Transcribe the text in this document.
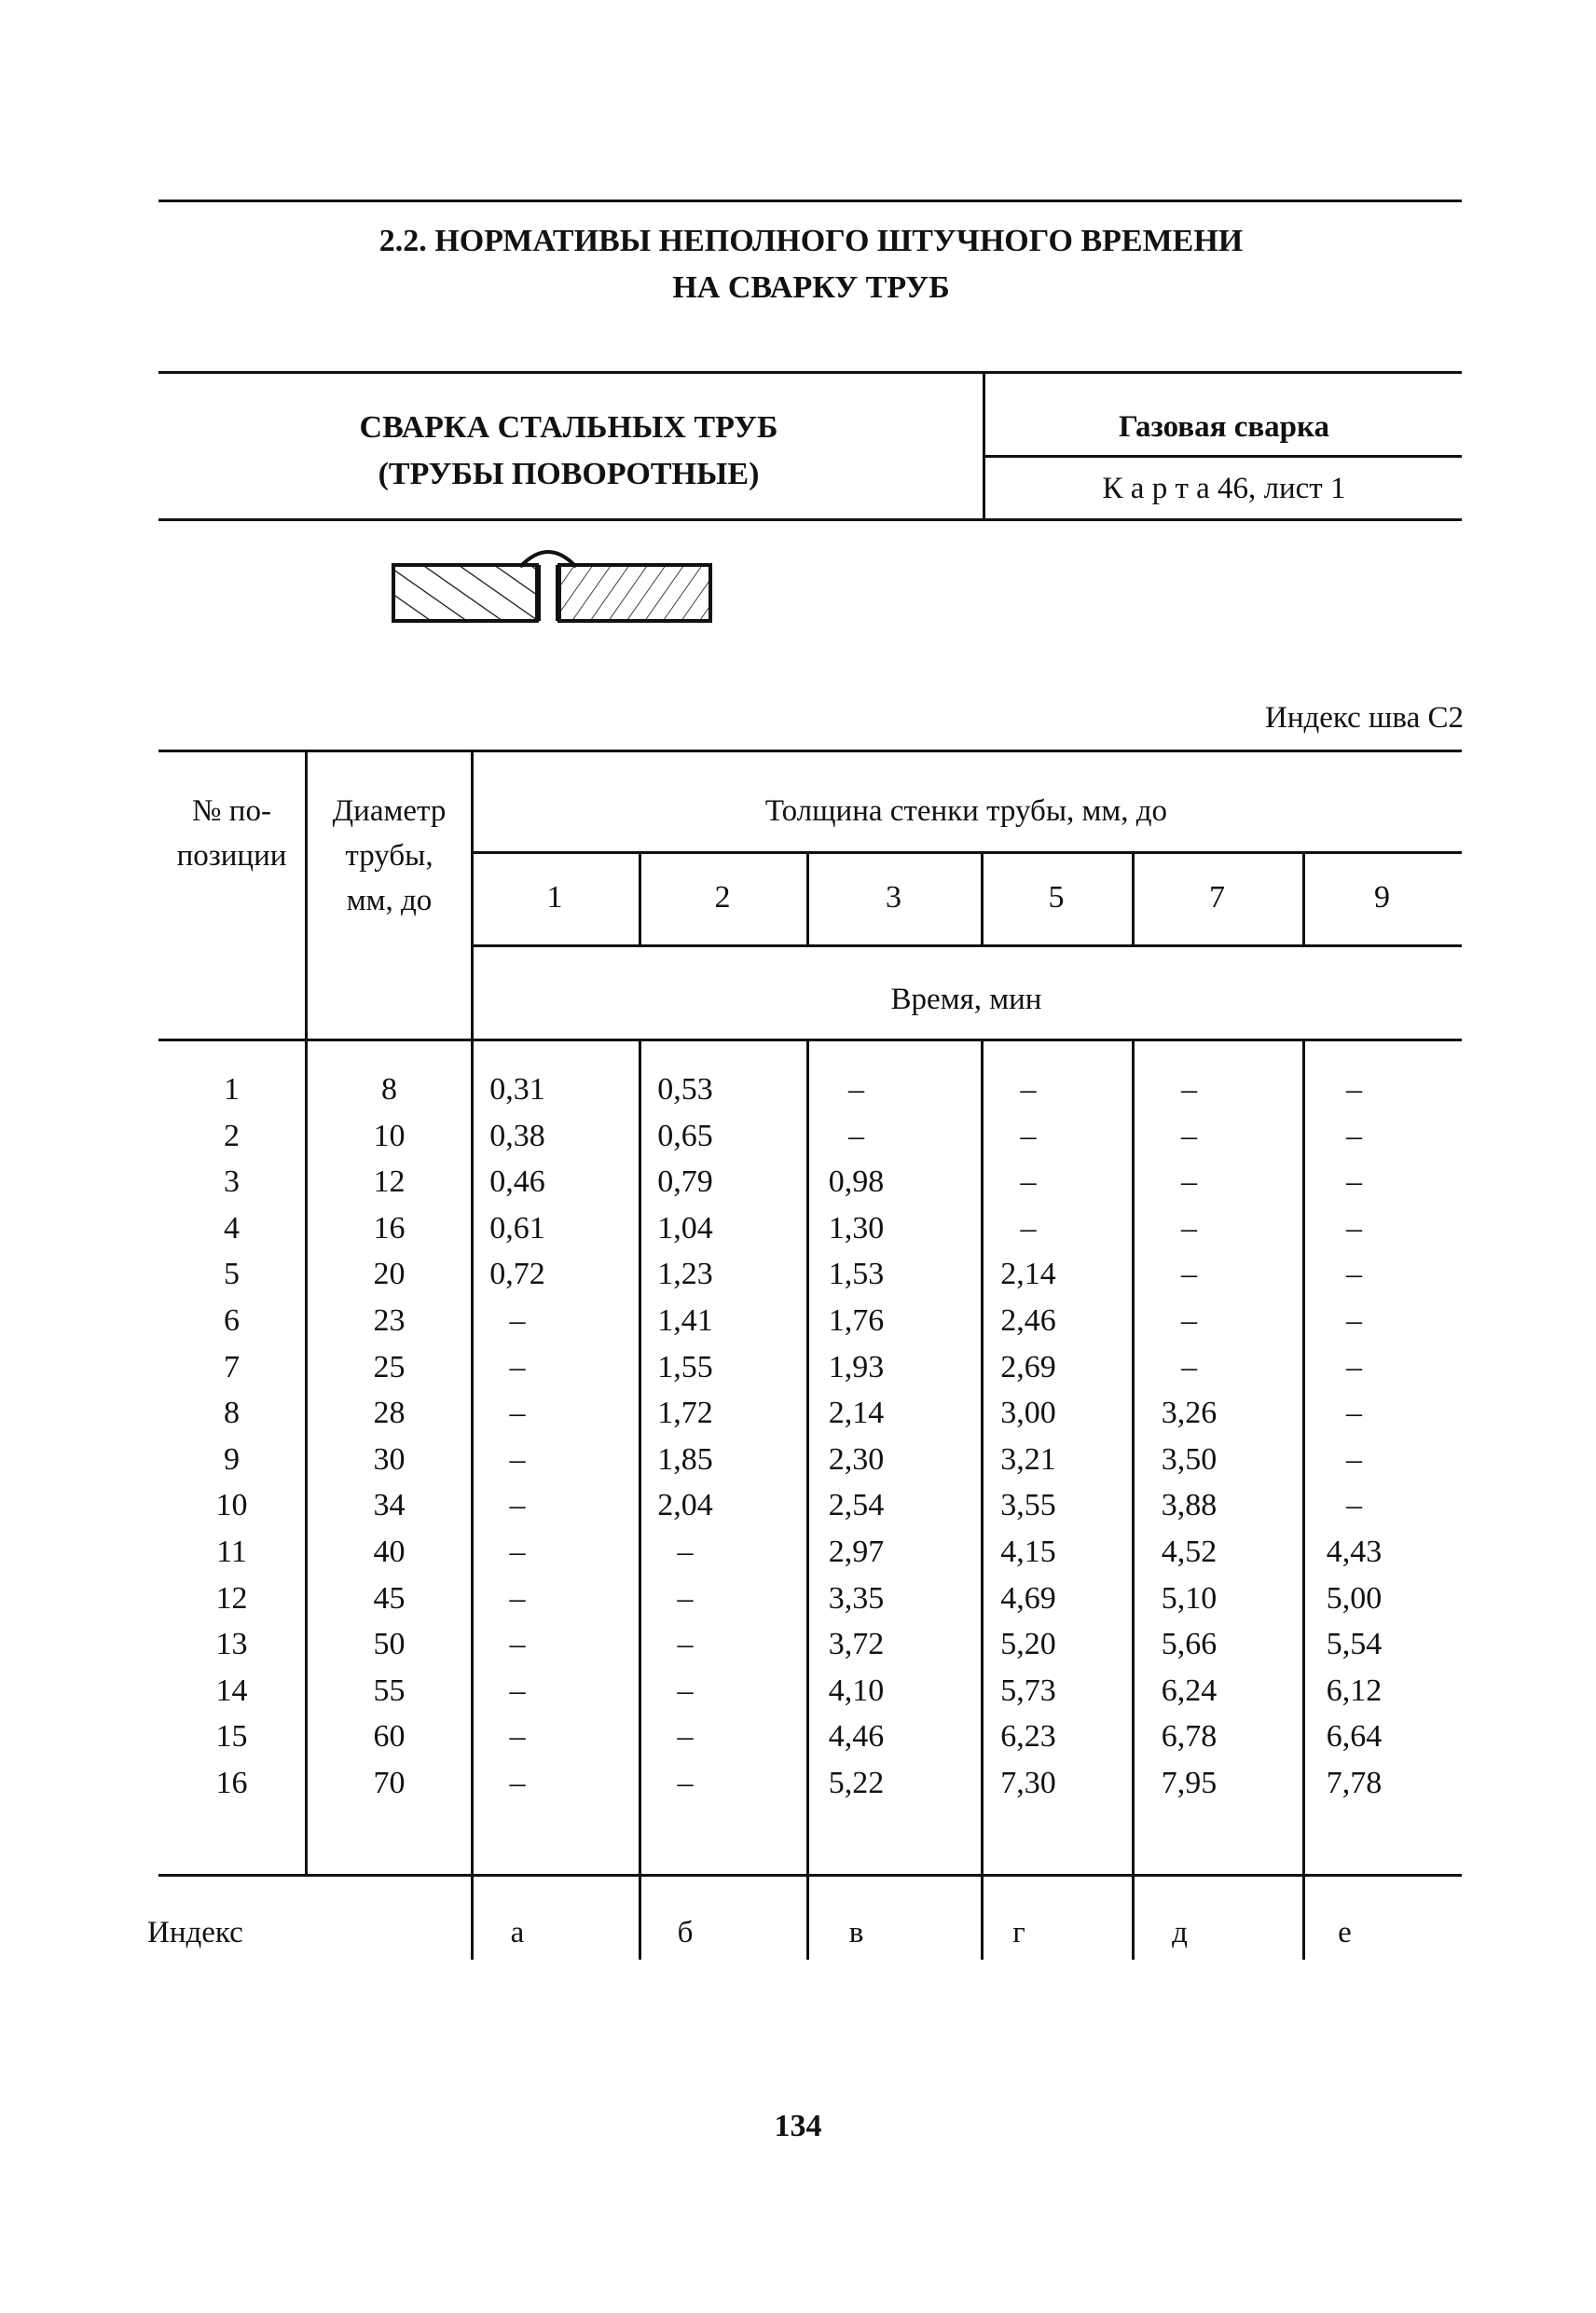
2.2. НОРМАТИВЫ НЕПОЛНОГО ШТУЧНОГО ВРЕМЕНИ
НА СВАРКУ ТРУБ
СВАРКА СТАЛЬНЫХ ТРУБ
(ТРУБЫ ПОВОРОТНЫЕ)
Газовая сварка
К а р т а 46, лист 1
Индекс шва С2
№ по-
позиции
Диаметр
трубы,
мм, до
Толщина стенки трубы, мм, до
Время, мин
1	2	3	5	7	9
1	8	0,31	0,53	–	–	–	–
2	10	0,38	0,65	–	–	–	–
3	12	0,46	0,79	0,98	–	–	–
4	16	0,61	1,04	1,30	–	–	–
5	20	0,72	1,23	1,53	2,14	–	–
6	23	–	1,41	1,76	2,46	–	–
7	25	–	1,55	1,93	2,69	–	–
8	28	–	1,72	2,14	3,00	3,26	–
9	30	–	1,85	2,30	3,21	3,50	–
10	34	–	2,04	2,54	3,55	3,88	–
11	40	–	–	2,97	4,15	4,52	4,43
12	45	–	–	3,35	4,69	5,10	5,00
13	50	–	–	3,72	5,20	5,66	5,54
14	55	–	–	4,10	5,73	6,24	6,12
15	60	–	–	4,46	6,23	6,78	6,64
16	70	–	–	5,22	7,30	7,95	7,78
Индекс	а	б	в	г	д	е
134
